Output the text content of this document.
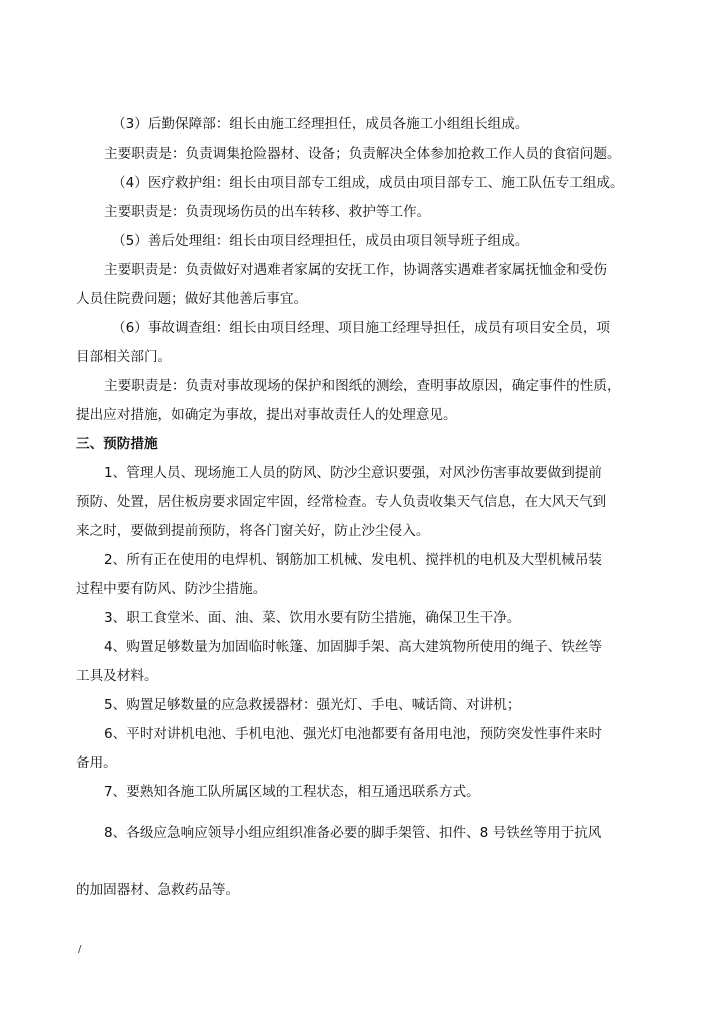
（3）后勤保障部：组长由施工经理担任，成员各施工小组组长组成。
主要职责是：负责调集抢险器材、设备；负责解决全体参加抢救工作人员的食宿问题。
（4）医疗救护组：组长由项目部专工组成，成员由项目部专工、施工队伍专工组成。
主要职责是：负责现场伤员的出车转移、救护等工作。
（5）善后处理组：组长由项目经理担任，成员由项目领导班子组成。
主要职责是：负责做好对遇难者家属的安抚工作，协调落实遇难者家属抚恤金和受伤
人员住院费问题；做好其他善后事宜。
（6）事故调查组：组长由项目经理、项目施工经理导担任，成员有项目安全员，项
目部相关部门。
主要职责是：负责对事故现场的保护和图纸的测绘，查明事故原因，确定事件的性质，
提出应对措施，如确定为事故，提出对事故责任人的处理意见。
三、预防措施
1、管理人员、现场施工人员的防风、防沙尘意识要强，对风沙伤害事故要做到提前
预防、处置，居住板房要求固定牢固，经常检查。专人负责收集天气信息，在大风天气到
来之时，要做到提前预防，将各门窗关好，防止沙尘侵入。
2、所有正在使用的电焊机、钢筋加工机械、发电机、搅拌机的电机及大型机械吊装
过程中要有防风、防沙尘措施。
3、职工食堂米、面、油、菜、饮用水要有防尘措施，确保卫生干净。
4、购置足够数量为加固临时帐篷、加固脚手架、高大建筑物所使用的绳子、铁丝等
工具及材料。
5、购置足够数量的应急救援器材：强光灯、手电、喊话筒、对讲机；
6、平时对讲机电池、手机电池、强光灯电池都要有备用电池，预防突发性事件来时
备用。
7、要熟知各施工队所属区域的工程状态，相互通迅联系方式。
8、各级应急响应领导小组应组织准备必要的脚手架管、扣件、8 号铁丝等用于抗风
的加固器材、急救药品等。
/
